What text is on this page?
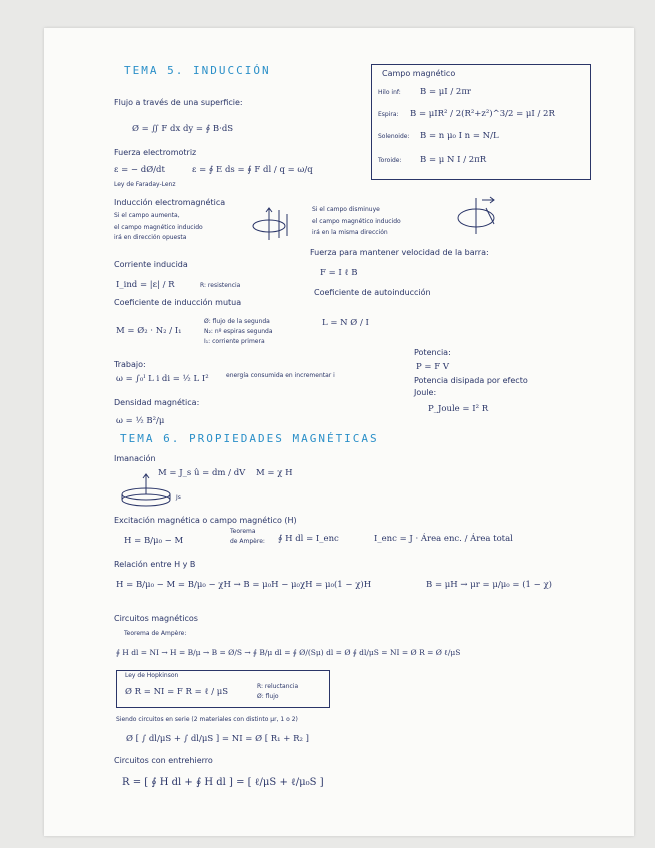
TEMA 5. INDUCCIÓN
Flujo a través de una superficie:
Ø = ∬ F dx dy = ∮ B·dS
Fuerza electromotriz
ε = − dØ/dt	ε = ∮ E ds = ∮ F dl / q = ω/q
Ley de Faraday-Lenz
Campo magnético
Hilo inf: B = μI / 2πr
Espira: B = μIR² / 2(R²+z²)^3/2 = μI / 2R
Solenoide: B = n μ₀ I n = N/L
Toroide: B = μ N I / 2πR
Inducción electromagnética
Si el campo aumenta,
el campo magnético inducido
irá en dirección opuesta
Si el campo disminuye
el campo magnético inducido
irá en la misma dirección
Fuerza para mantener velocidad de la barra:
F = I ℓ B
Corriente inducida
I_ind = |ε| / R	R: resistencia
Coeficiente de autoinducción
L = N Ø / I
Coeficiente de inducción mutua
M = Ø₂ · N₂ / I₁
Ø: flujo de la segunda
N₂: nº espiras segunda
I₁: corriente primera
Trabajo:
ω = ∫₀ᴵ L i di = ½ L I²	energía consumida en incrementar i
Potencia:
P = F V
Potencia disipada por efecto
Joule:
P_Joule = I² R
Densidad magnética:
ω = ½ B²/μ
TEMA 6. PROPIEDADES MAGNÉTICAS
Imanación
M = J_s û = dm / dV M = χ H
Js
Excitación magnética o campo magnético (H)
H = B/μ₀ − M
Teorema
de Ampère: ∮ H dl = I_enc	I_enc = J · Área enc. / Área total
Relación entre H y B
H = B/μ₀ − M = B/μ₀ − χH → B = μ₀H − μ₀χH = μ₀(1 − χ)H	B = μH → μr = μ/μ₀ = (1 − χ)
Circuitos magnéticos
Teorema de Ampère:
∮ H dl = NI → H = B/μ → B = Ø/S → ∮ B/μ dl = ∮ Ø/(Sμ) dl = Ø ∮ dl/μS = NI = Ø R = Ø ℓ/μS
Ley de Hopkinson
Ø R = NI = F R = ℓ / μS
R: reluctancia
Ø: flujo
Siendo circuitos en serie (2 materiales con distinto μr, 1 o 2)
Ø [ ∫ dl/μS + ∫ dl/μS ] = NI = Ø [ R₁ + R₂ ]
Circuitos con entrehierro
R = [ ∮ H dl + ∮ H dl ] = [ ℓ/μS + ℓ/μ₀S ]
